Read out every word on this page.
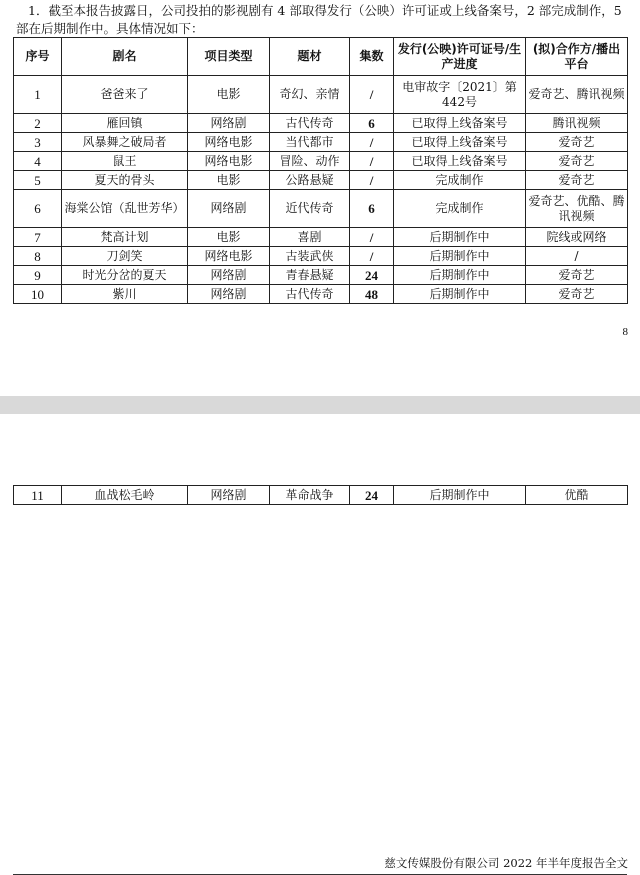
1．截至本报告披露日，公司投拍的影视剧有 4 部取得发行（公映）许可证或上线备案号，2 部完成制作，5 部在后期制作中。具体情况如下：
序号	剧名	项目类型	题材	集数	发行(公映)许可证号/生产进度	(拟)合作方/播出平台
1	爸爸来了	电影	奇幻、亲情	/	电审故字〔2021〕第442号	爱奇艺、腾讯视频
2	雁回镇	网络剧	古代传奇	6	已取得上线备案号	腾讯视频
3	风暴舞之破局者	网络电影	当代都市	/	已取得上线备案号	爱奇艺
4	鼠王	网络电影	冒险、动作	/	已取得上线备案号	爱奇艺
5	夏天的骨头	电影	公路悬疑	/	完成制作	爱奇艺
6	海棠公馆（乱世芳华）	网络剧	近代传奇	6	完成制作	爱奇艺、优酷、腾讯视频
7	梵高计划	电影	喜剧	/	后期制作中	院线或网络
8	刀剑笑	网络电影	古装武侠	/	后期制作中	/
9	时光分岔的夏天	网络剧	青春悬疑	24	后期制作中	爱奇艺
10	紫川	网络剧	古代传奇	48	后期制作中	爱奇艺
8
慈文传媒股份有限公司 2022 年半年度报告全文
11	血战松毛岭	网络剧	革命战争	24	后期制作中	优酷
